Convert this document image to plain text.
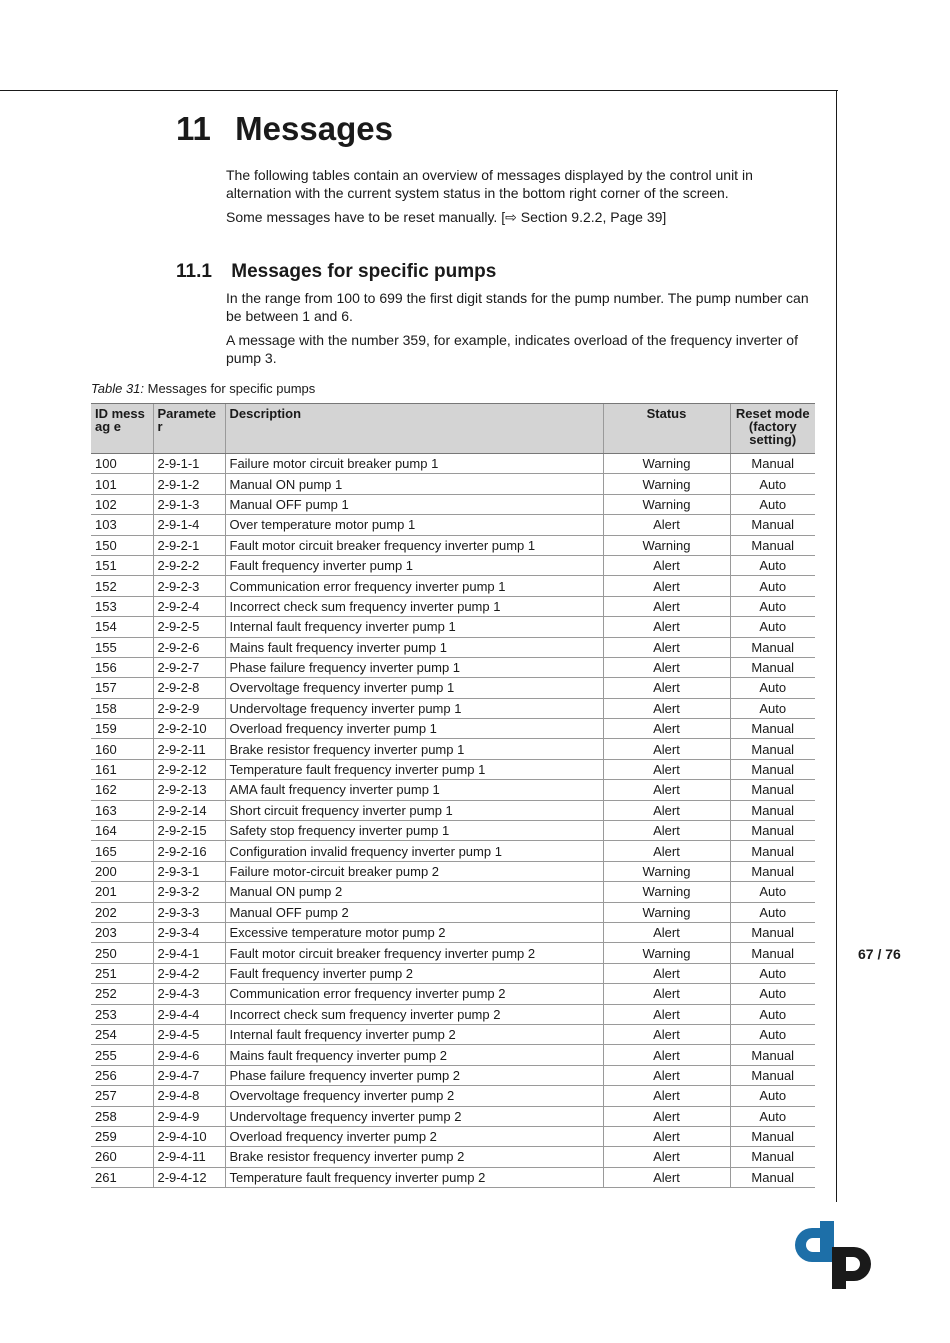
11 Messages

The following tables contain an overview of messages displayed by the control unit in alternation with the current system status in the bottom right corner of the screen.

Some messages have to be reset manually. [⇨ Section 9.2.2, Page 39]

11.1 Messages for specific pumps

In the range from 100 to 699 the first digit stands for the pump number. The pump number can be between 1 and 6.

A message with the number 359, for example, indicates overload of the frequency inverter of pump 3.

Table 31: Messages for specific pumps
ID messag e	Paramete r	Description	Status	Reset mode (factory setting)
100	2-9-1-1	Failure motor circuit breaker pump 1	Warning	Manual
101	2-9-1-2	Manual ON pump 1	Warning	Auto
102	2-9-1-3	Manual OFF pump 1	Warning	Auto
103	2-9-1-4	Over temperature motor pump 1	Alert	Manual
150	2-9-2-1	Fault motor circuit breaker frequency inverter pump 1	Warning	Manual
151	2-9-2-2	Fault frequency inverter pump 1	Alert	Auto
152	2-9-2-3	Communication error frequency inverter pump 1	Alert	Auto
153	2-9-2-4	Incorrect check sum frequency inverter pump 1	Alert	Auto
154	2-9-2-5	Internal fault frequency inverter pump 1	Alert	Auto
155	2-9-2-6	Mains fault frequency inverter pump 1	Alert	Manual
156	2-9-2-7	Phase failure frequency inverter pump 1	Alert	Manual
157	2-9-2-8	Overvoltage frequency inverter pump 1	Alert	Auto
158	2-9-2-9	Undervoltage frequency inverter pump 1	Alert	Auto
159	2-9-2-10	Overload frequency inverter pump 1	Alert	Manual
160	2-9-2-11	Brake resistor frequency inverter pump 1	Alert	Manual
161	2-9-2-12	Temperature fault frequency inverter pump 1	Alert	Manual
162	2-9-2-13	AMA fault frequency inverter pump 1	Alert	Manual
163	2-9-2-14	Short circuit frequency inverter pump 1	Alert	Manual
164	2-9-2-15	Safety stop frequency inverter pump 1	Alert	Manual
165	2-9-2-16	Configuration invalid frequency inverter pump 1	Alert	Manual
200	2-9-3-1	Failure motor-circuit breaker pump 2	Warning	Manual
201	2-9-3-2	Manual ON pump 2	Warning	Auto
202	2-9-3-3	Manual OFF pump 2	Warning	Auto
203	2-9-3-4	Excessive temperature motor pump 2	Alert	Manual
250	2-9-4-1	Fault motor circuit breaker frequency inverter pump 2	Warning	Manual
251	2-9-4-2	Fault frequency inverter pump 2	Alert	Auto
252	2-9-4-3	Communication error frequency inverter pump 2	Alert	Auto
253	2-9-4-4	Incorrect check sum frequency inverter pump 2	Alert	Auto
254	2-9-4-5	Internal fault frequency inverter pump 2	Alert	Auto
255	2-9-4-6	Mains fault frequency inverter pump 2	Alert	Manual
256	2-9-4-7	Phase failure frequency inverter pump 2	Alert	Manual
257	2-9-4-8	Overvoltage frequency inverter pump 2	Alert	Auto
258	2-9-4-9	Undervoltage frequency inverter pump 2	Alert	Auto
259	2-9-4-10	Overload frequency inverter pump 2	Alert	Manual
260	2-9-4-11	Brake resistor frequency inverter pump 2	Alert	Manual
261	2-9-4-12	Temperature fault frequency inverter pump 2	Alert	Manual
67 / 76
